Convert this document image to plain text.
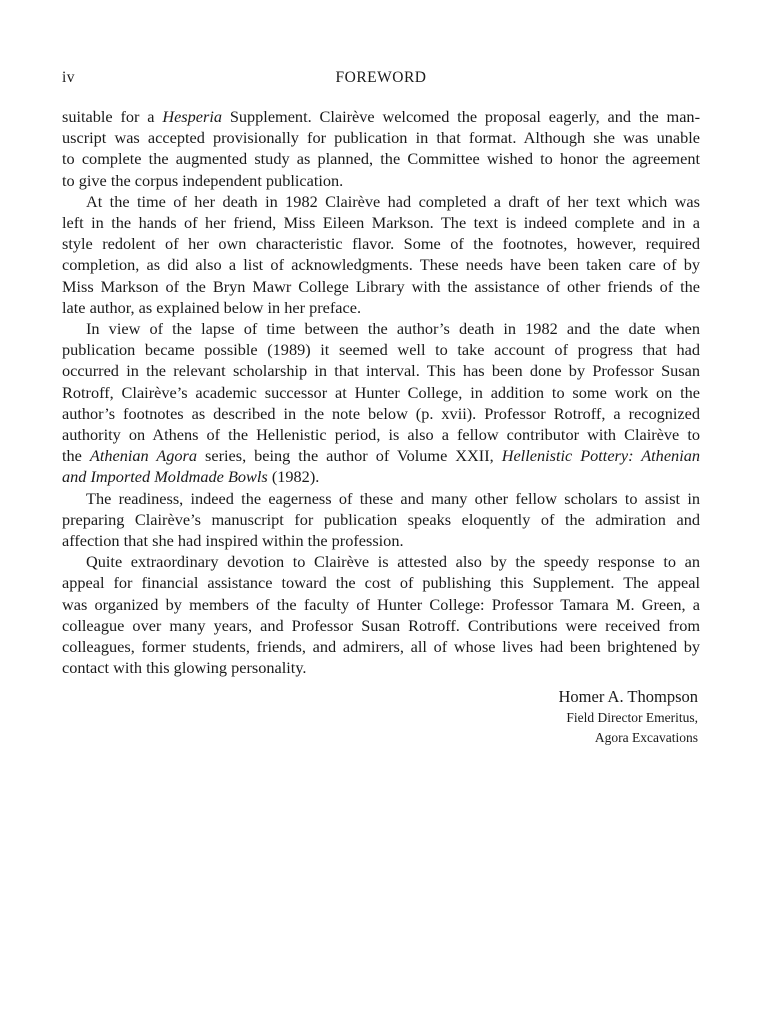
iv	FOREWORD
suitable for a Hesperia Supplement. Clairève welcomed the proposal eagerly, and the man-
uscript was accepted provisionally for publication in that format. Although she was unable
to complete the augmented study as planned, the Committee wished to honor the agreement
to give the corpus independent publication.
At the time of her death in 1982 Clairève had completed a draft of her text which was
left in the hands of her friend, Miss Eileen Markson. The text is indeed complete and in a
style redolent of her own characteristic flavor. Some of the footnotes, however, required
completion, as did also a list of acknowledgments. These needs have been taken care of by
Miss Markson of the Bryn Mawr College Library with the assistance of other friends of the
late author, as explained below in her preface.
In view of the lapse of time between the author’s death in 1982 and the date when
publication became possible (1989) it seemed well to take account of progress that had
occurred in the relevant scholarship in that interval. This has been done by Professor Susan
Rotroff, Clairève’s academic successor at Hunter College, in addition to some work on the
author’s footnotes as described in the note below (p. xvii). Professor Rotroff, a recognized
authority on Athens of the Hellenistic period, is also a fellow contributor with Clairève to
the Athenian Agora series, being the author of Volume XXII, Hellenistic Pottery: Athenian
and Imported Moldmade Bowls (1982).
The readiness, indeed the eagerness of these and many other fellow scholars to assist in
preparing Clairève’s manuscript for publication speaks eloquently of the admiration and
affection that she had inspired within the profession.
Quite extraordinary devotion to Clairève is attested also by the speedy response to an
appeal for financial assistance toward the cost of publishing this Supplement. The appeal
was organized by members of the faculty of Hunter College: Professor Tamara M. Green, a
colleague over many years, and Professor Susan Rotroff. Contributions were received from
colleagues, former students, friends, and admirers, all of whose lives had been brightened by
contact with this glowing personality.
Homer A. Thompson
Field Director Emeritus,
Agora Excavations
